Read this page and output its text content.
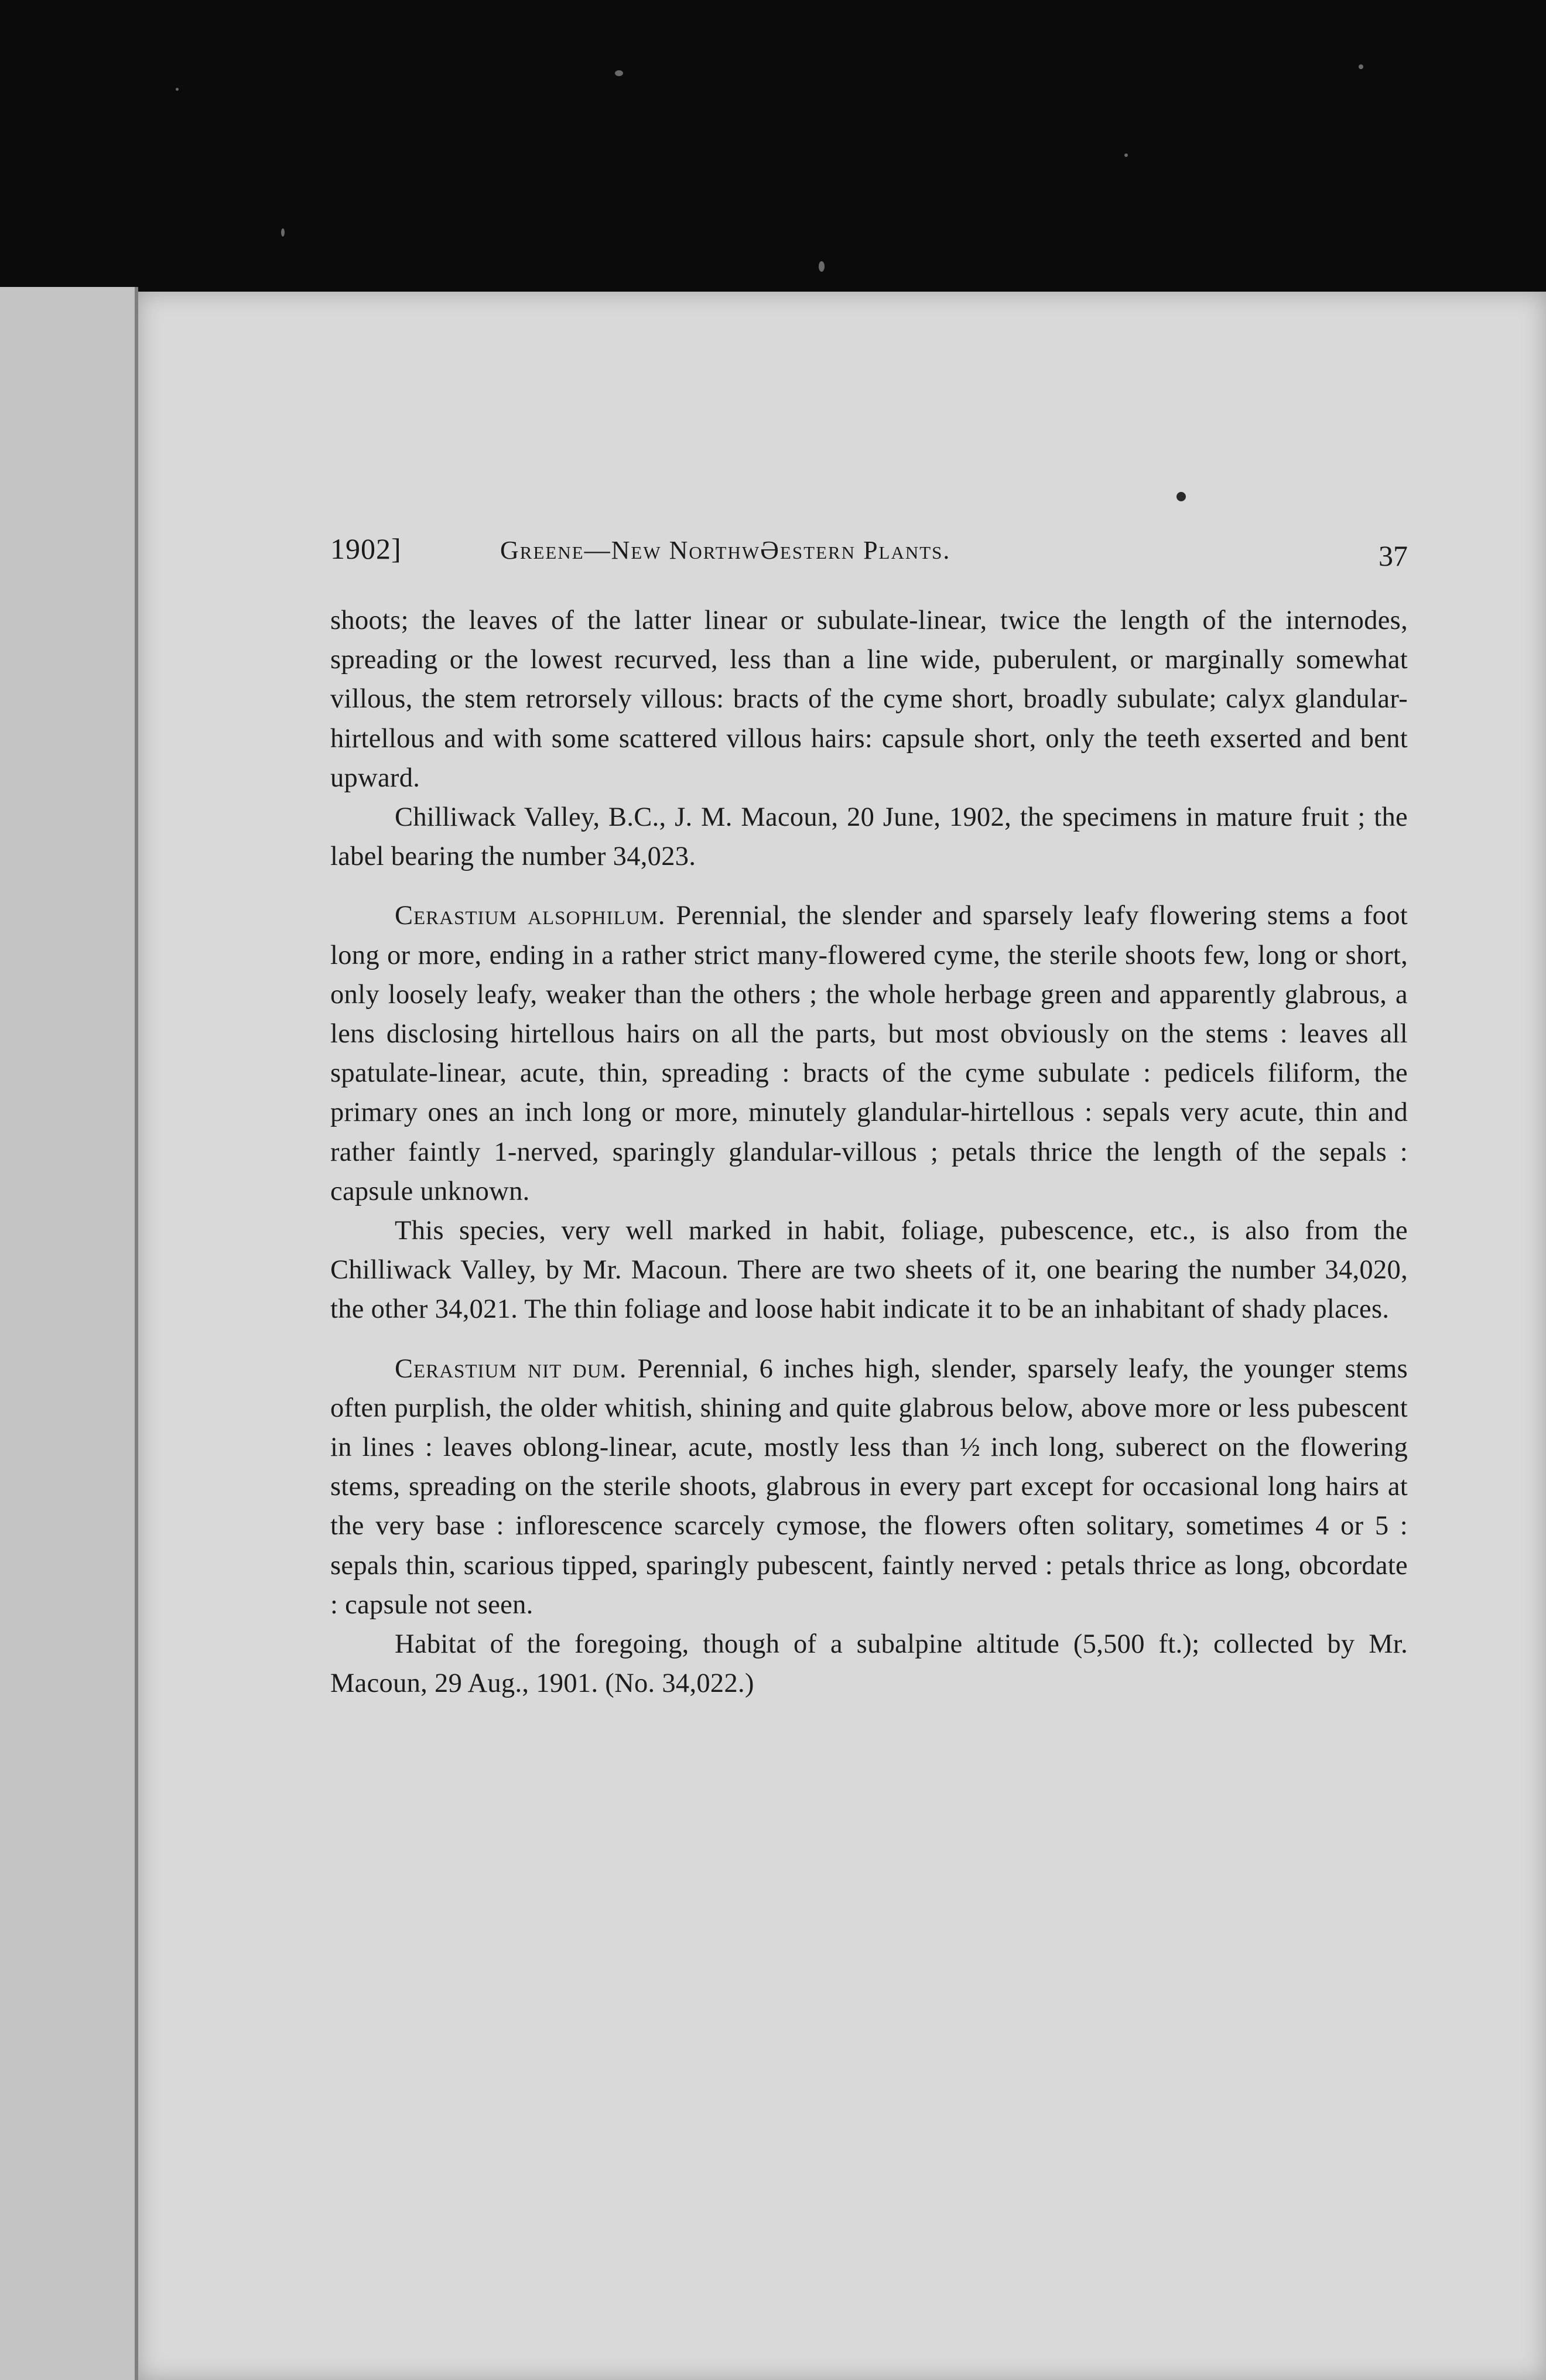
1902]	Greene—New NorthwƏestern Plants.	37

shoots; the leaves of the latter linear or subulate-linear, twice the length of the internodes, spreading or the lowest recurved, less than a line wide, puberulent, or marginally somewhat villous, the stem retrorsely villous: bracts of the cyme short, broadly subulate; calyx glandular-hirtellous and with some scattered villous hairs: capsule short, only the teeth exserted and bent upward.

Chilliwack Valley, B.C., J. M. Macoun, 20 June, 1902, the specimens in mature fruit ; the label bearing the number 34,023.

Cerastium alsophilum. Perennial, the slender and sparsely leafy flowering stems a foot long or more, ending in a rather strict many-flowered cyme, the sterile shoots few, long or short, only loosely leafy, weaker than the others ; the whole herbage green and apparently glabrous, a lens disclosing hirtellous hairs on all the parts, but most obviously on the stems : leaves all spatulate-linear, acute, thin, spreading : bracts of the cyme subulate : pedicels filiform, the primary ones an inch long or more, minutely glandular-hirtellous : sepals very acute, thin and rather faintly 1-nerved, sparingly glandular-villous ; petals thrice the length of the sepals : capsule unknown.

This species, very well marked in habit, foliage, pubescence, etc., is also from the Chilliwack Valley, by Mr. Macoun. There are two sheets of it, one bearing the number 34,020, the other 34,021. The thin foliage and loose habit indicate it to be an inhabitant of shady places.

Cerastium nit dum. Perennial, 6 inches high, slender, sparsely leafy, the younger stems often purplish, the older whitish, shining and quite glabrous below, above more or less pubescent in lines : leaves oblong-linear, acute, mostly less than ½ inch long, suberect on the flowering stems, spreading on the sterile shoots, glabrous in every part except for occasional long hairs at the very base : inflorescence scarcely cymose, the flowers often solitary, sometimes 4 or 5 : sepals thin, scarious tipped, sparingly pubescent, faintly nerved : petals thrice as long, obcordate : capsule not seen.

Habitat of the foregoing, though of a subalpine altitude (5,500 ft.); collected by Mr. Macoun, 29 Aug., 1901. (No. 34,022.)
